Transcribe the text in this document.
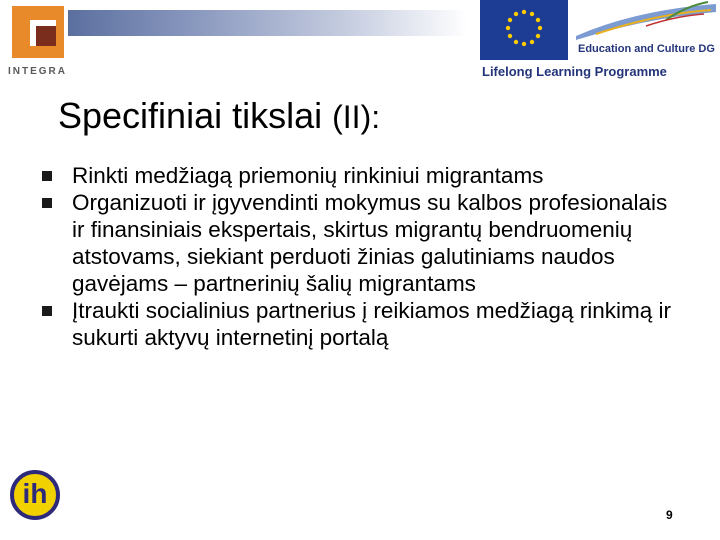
INTEGRA
Education and Culture DG
Lifelong Learning Programme
Specifiniai tikslai (II):
Rinkti medžiagą priemonių rinkiniui migrantams
Organizuoti ir įgyvendinti mokymus su kalbos profesionalais ir finansiniais ekspertais, skirtus migrantų bendruomenių atstovams, siekiant perduoti žinias galutiniams naudos gavėjams – partnerinių šalių migrantams
Įtraukti socialinius partnerius į reikiamos medžiagą rinkimą ir sukurti aktyvų internetinį portalą
ih
9
